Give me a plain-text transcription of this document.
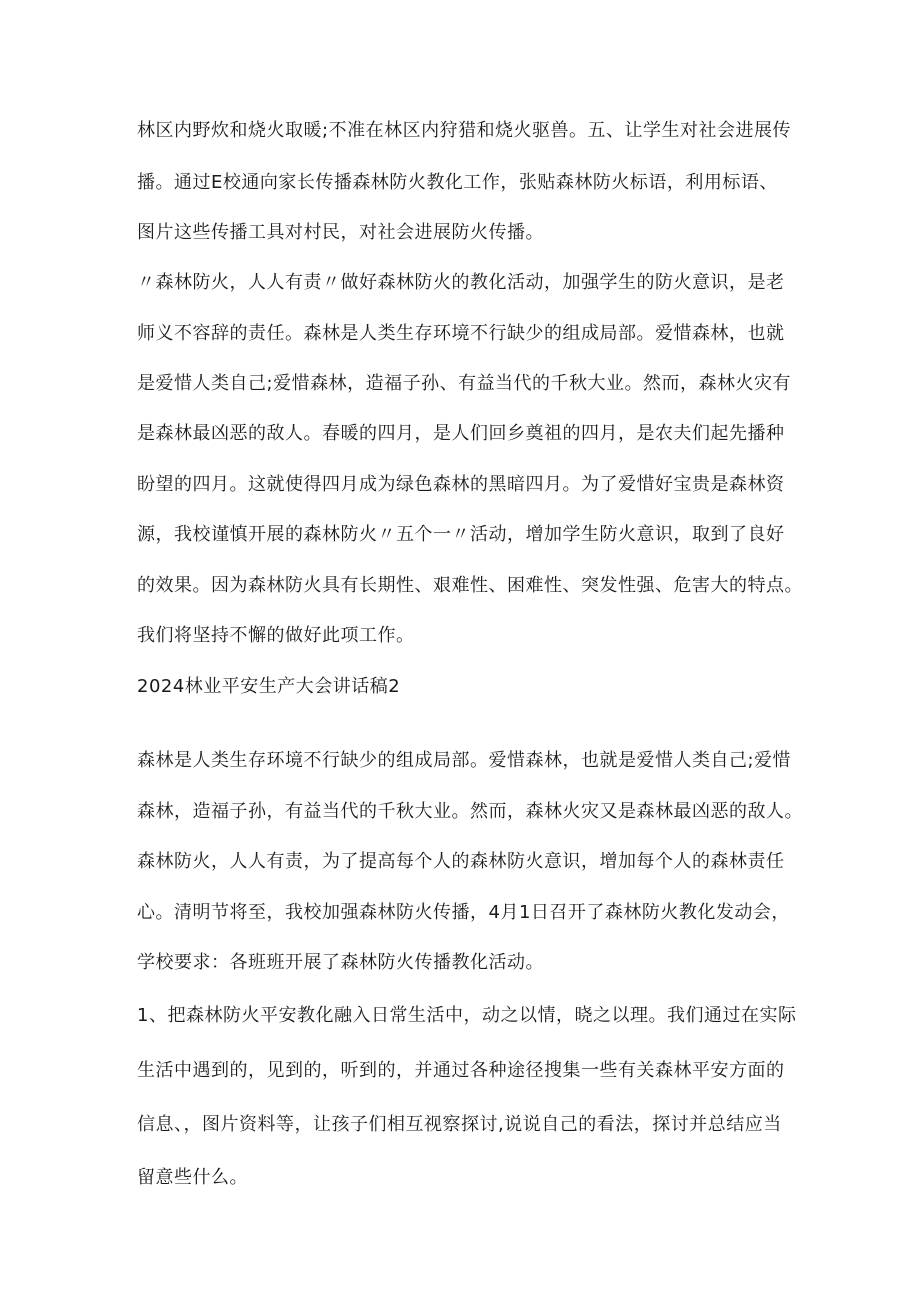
林区内野炊和烧火取暖;不准在林区内狩猎和烧火驱兽。五、让学生对社会进展传
播。通过E校通向家长传播森林防火教化工作，张贴森林防火标语，利用标语、
图片这些传播工具对村民，对社会进展防火传播。
〃森林防火，人人有责〃做好森林防火的教化活动，加强学生的防火意识，是老
师义不容辞的责任。森林是人类生存环境不行缺少的组成局部。爱惜森林，也就
是爱惜人类自己;爱惜森林，造福子孙、有益当代的千秋大业。然而，森林火灾有
是森林最凶恶的敌人。春暖的四月，是人们回乡奠祖的四月，是农夫们起先播种
盼望的四月。这就使得四月成为绿色森林的黑暗四月。为了爱惜好宝贵是森林资
源，我校谨慎开展的森林防火〃五个一〃活动，增加学生防火意识，取到了良好
的效果。因为森林防火具有长期性、艰难性、困难性、突发性强、危害大的特点。
我们将坚持不懈的做好此项工作。
2024林业平安生产大会讲话稿2
森林是人类生存环境不行缺少的组成局部。爱惜森林，也就是爱惜人类自己;爱惜
森林，造福子孙，有益当代的千秋大业。然而，森林火灾又是森林最凶恶的敌人。
森林防火，人人有责，为了提高每个人的森林防火意识，增加每个人的森林责任
心。清明节将至，我校加强森林防火传播，4月1日召开了森林防火教化发动会，
学校要求：各班班开展了森林防火传播教化活动。
1、把森林防火平安教化融入日常生活中，动之以情，晓之以理。我们通过在实际
生活中遇到的，见到的，听到的，并通过各种途径搜集一些有关森林平安方面的
信息、，图片资料等，让孩子们相互视察探讨,说说自己的看法，探讨并总结应当
留意些什么。
